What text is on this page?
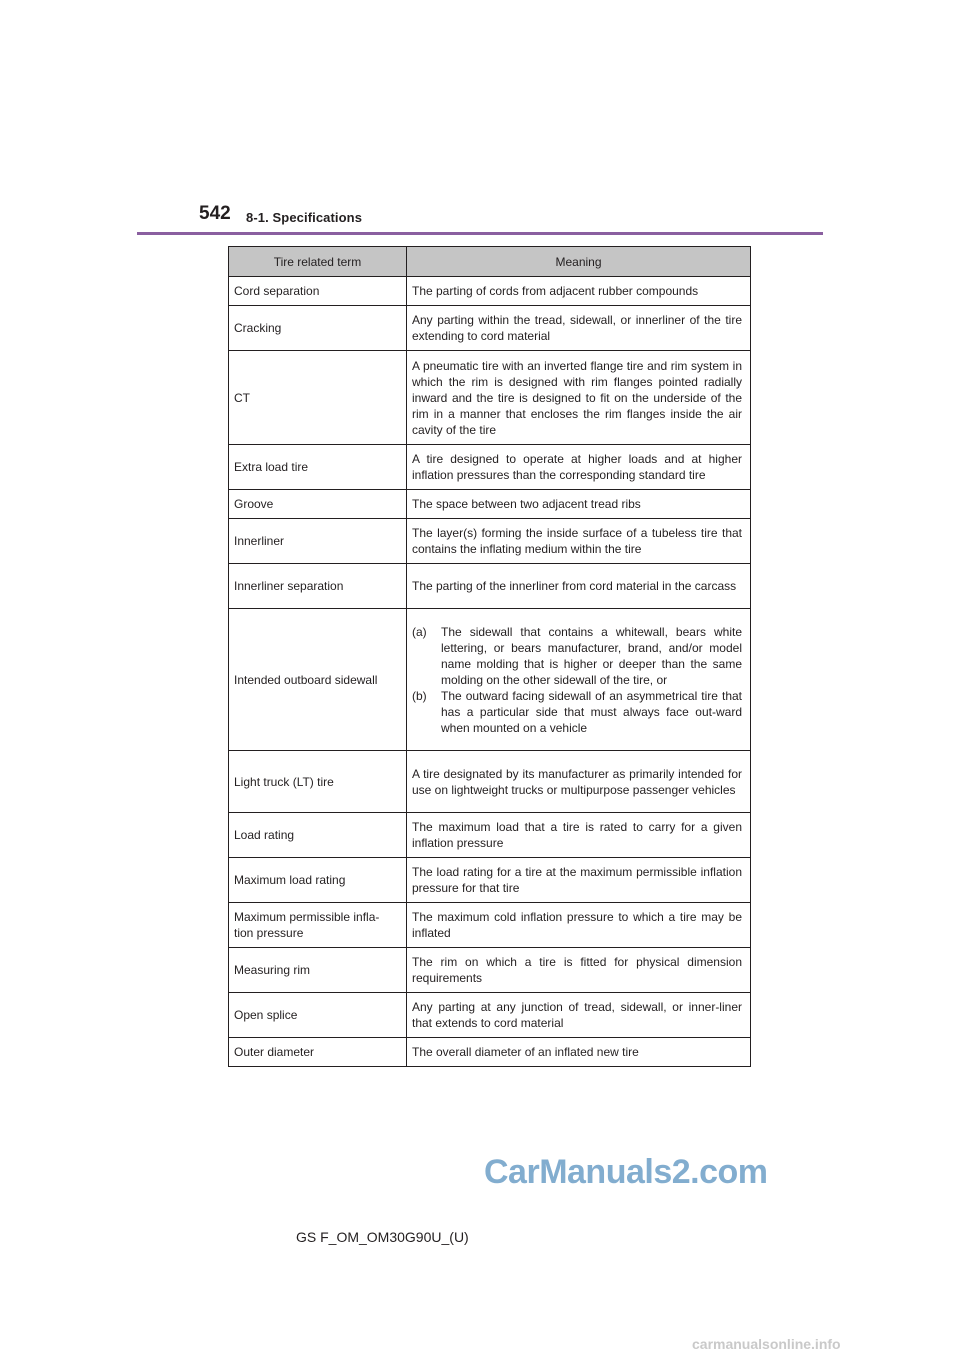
542 8-1. Specifications
Tire related term	Meaning
Cord separation	The parting of cords from adjacent rubber compounds
Cracking	Any parting within the tread, sidewall, or innerliner of the tire extending to cord material
CT	A pneumatic tire with an inverted flange tire and rim system in which the rim is designed with rim flanges pointed radially inward and the tire is designed to fit on the underside of the rim in a manner that encloses the rim flanges inside the air cavity of the tire
Extra load tire	A tire designed to operate at higher loads and at higher inflation pressures than the corresponding standard tire
Groove	The space between two adjacent tread ribs
Innerliner	The layer(s) forming the inside surface of a tubeless tire that contains the inflating medium within the tire
Innerliner separation	The parting of the innerliner from cord material in the carcass
Intended outboard sidewall	(a) The sidewall that contains a whitewall, bears white lettering, or bears manufacturer, brand, and/or model name molding that is higher or deeper than the same molding on the other sidewall of the tire, or
(b) The outward facing sidewall of an asymmetrical tire that has a particular side that must always face out-ward when mounted on a vehicle

Light truck (LT) tire	A tire designated by its manufacturer as primarily intended for use on lightweight trucks or multipurpose passenger vehicles
Load rating	The maximum load that a tire is rated to carry for a given inflation pressure
Maximum load rating	The load rating for a tire at the maximum permissible inflation pressure for that tire
Maximum permissible infla-tion pressure	The maximum cold inflation pressure to which a tire may be inflated
Measuring rim	The rim on which a tire is fitted for physical dimension requirements
Open splice	Any parting at any junction of tread, sidewall, or inner-liner that extends to cord material
Outer diameter	The overall diameter of an inflated new tire
CarManuals2.com
GS F_OM_OM30G90U_(U)
carmanualsonline.info
